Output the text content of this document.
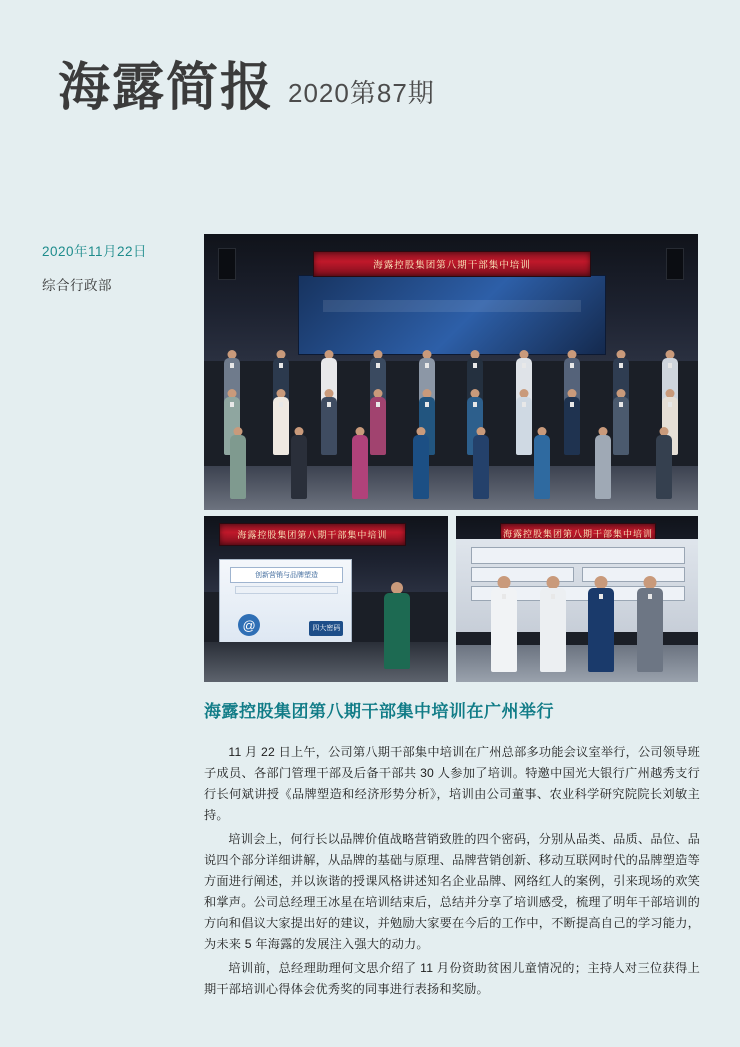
海露简报 2020第87期
2020年11月22日
综合行政部
海露控股集团第八期干部集中培训
海露控股集团第八期干部集中培训
创新营销与品牌塑造
@	四大密码
海露控股集团第八期干部集中培训
海露控股集团第八期干部集中培训在广州举行

11 月 22 日上午，公司第八期干部集中培训在广州总部多功能会议室举行，公司领导班子成员、各部门管理干部及后备干部共 30 人参加了培训。特邀中国光大银行广州越秀支行行长何斌讲授《品牌塑造和经济形势分析》，培训由公司董事、农业科学研究院院长刘敏主持。

培训会上，何行长以品牌价值战略营销致胜的四个密码，分别从品类、品质、品位、品说四个部分详细讲解，从品牌的基础与原理、品牌营销创新、移动互联网时代的品牌塑造等方面进行阐述，并以诙谐的授课风格讲述知名企业品牌、网络红人的案例，引来现场的欢笑和掌声。公司总经理王冰星在培训结束后，总结并分享了培训感受，梳理了明年干部培训的方向和倡议大家提出好的建议，并勉励大家要在今后的工作中，不断提高自己的学习能力，为未来 5 年海露的发展注入强大的动力。

培训前，总经理助理何文思介绍了 11 月份资助贫困儿童情况的；主持人对三位获得上期干部培训心得体会优秀奖的同事进行表扬和奖励。
